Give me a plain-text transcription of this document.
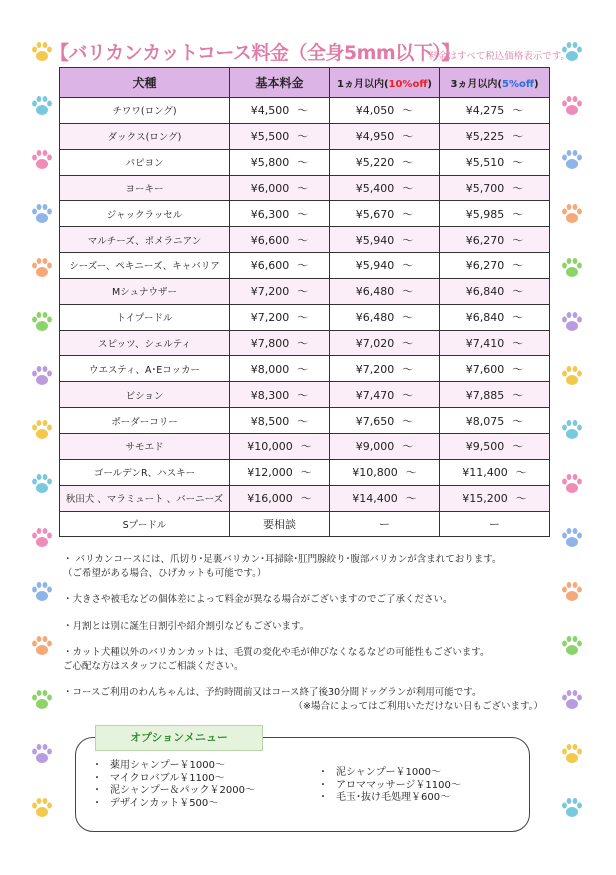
【バリカンカットコース料金（全身5mm以下）】
料金はすべて税込価格表示です。
犬種	基本料金	1ヵ月以内(10%off)	3ヵ月以内(5%off)
チワワ(ロング)	¥4,500 ～	¥4,050 ～	¥4,275 ～
ダックス(ロング)	¥5,500 ～	¥4,950 ～	¥5,225 ～
パピヨン	¥5,800 ～	¥5,220 ～	¥5,510 ～
ヨーキー	¥6,000 ～	¥5,400 ～	¥5,700 ～
ジャックラッセル	¥6,300 ～	¥5,670 ～	¥5,985 ～
マルチーズ、ポメラニアン	¥6,600 ～	¥5,940 ～	¥6,270 ～
シーズー、ペキニーズ、キャバリア	¥6,600 ～	¥5,940 ～	¥6,270 ～
Mシュナウザー	¥7,200 ～	¥6,480 ～	¥6,840 ～
トイプードル	¥7,200 ～	¥6,480 ～	¥6,840 ～
スピッツ、シェルティ	¥7,800 ～	¥7,020 ～	¥7,410 ～
ウエスティ、A･Eコッカー	¥8,000 ～	¥7,200 ～	¥7,600 ～
ビション	¥8,300 ～	¥7,470 ～	¥7,885 ～
ボーダーコリー	¥8,500 ～	¥7,650 ～	¥8,075 ～
サモエド	¥10,000 ～	¥9,000 ～	¥9,500 ～
ゴールデンR、ハスキー	¥12,000 ～	¥10,800 ～	¥11,400 ～
秋田犬 、マラミュート 、バーニーズ	¥16,000 ～	¥14,400 ～	¥15,200 ～
Sプードル	要相談	ー	ー

・ バリカンコースには、爪切り･足裏バリカン･耳掃除･肛門腺絞り･腹部バリカンが含まれております。

（ご希望がある場合、ひげカットも可能です。）

・大きさや被毛などの個体差によって料金が異なる場合がございますのでご了承ください。

・月割とは別に誕生日割引や紹介割引などもございます。

・カット犬種以外のバリカンカットは、毛質の変化や毛が伸びなくなるなどの可能性もございます。

ご心配な方はスタッフにご相談ください。

・コースご利用のわんちゃんは、予約時間前又はコース終了後30分間ドッグランが利用可能です。

（※場合によってはご利用いただけない日もございます。）

オプションメニュー
・ 薬用シャンプー￥1000～
・ マイクロバブル￥1100～
・ 泥シャンプー＆パック￥2000～
・ デザインカット￥500～
・ 泥シャンプー￥1000～
・ アロママッサージ￥1100～
・ 毛玉･抜け毛処理￥600～
